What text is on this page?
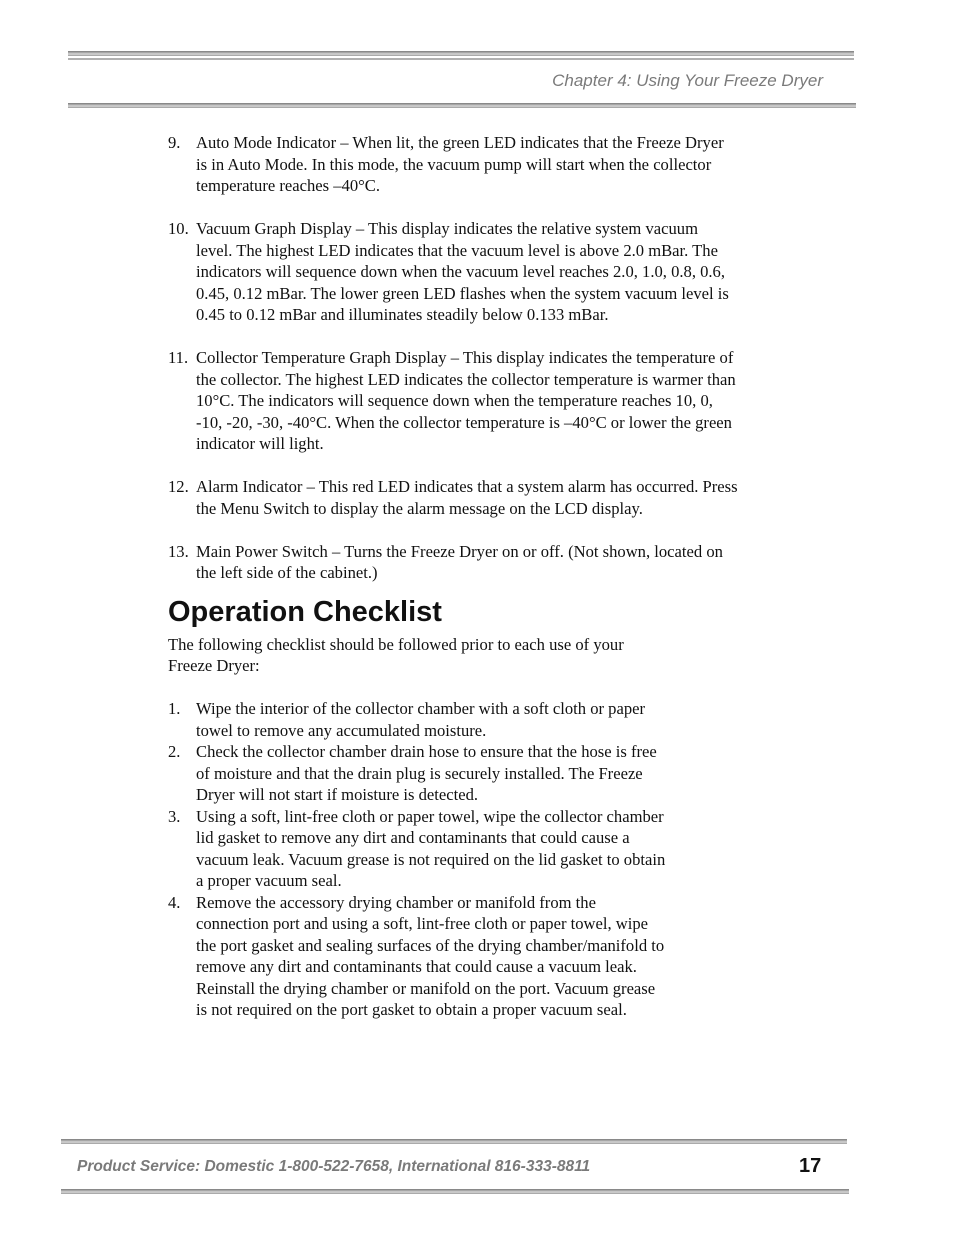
Chapter 4: Using Your Freeze Dryer
9. Auto Mode Indicator – When lit, the green LED indicates that the Freeze Dryer is in Auto Mode. In this mode, the vacuum pump will start when the collector temperature reaches –40°C.
10. Vacuum Graph Display – This display indicates the relative system vacuum level. The highest LED indicates that the vacuum level is above 2.0 mBar. The indicators will sequence down when the vacuum level reaches 2.0, 1.0, 0.8, 0.6, 0.45, 0.12 mBar. The lower green LED flashes when the system vacuum level is 0.45 to 0.12 mBar and illuminates steadily below 0.133 mBar.
11. Collector Temperature Graph Display – This display indicates the temperature of the collector. The highest LED indicates the collector temperature is warmer than 10°C. The indicators will sequence down when the temperature reaches 10, 0, -10, -20, -30, -40°C. When the collector temperature is –40°C or lower the green indicator will light.
12. Alarm Indicator – This red LED indicates that a system alarm has occurred. Press the Menu Switch to display the alarm message on the LCD display.
13. Main Power Switch – Turns the Freeze Dryer on or off. (Not shown, located on the left side of the cabinet.)
Operation Checklist
The following checklist should be followed prior to each use of your Freeze Dryer:
1. Wipe the interior of the collector chamber with a soft cloth or paper towel to remove any accumulated moisture.
2. Check the collector chamber drain hose to ensure that the hose is free of moisture and that the drain plug is securely installed. The Freeze Dryer will not start if moisture is detected.
3. Using a soft, lint-free cloth or paper towel, wipe the collector chamber lid gasket to remove any dirt and contaminants that could cause a vacuum leak. Vacuum grease is not required on the lid gasket to obtain a proper vacuum seal.
4. Remove the accessory drying chamber or manifold from the connection port and using a soft, lint-free cloth or paper towel, wipe the port gasket and sealing surfaces of the drying chamber/manifold to remove any dirt and contaminants that could cause a vacuum leak. Reinstall the drying chamber or manifold on the port. Vacuum grease is not required on the port gasket to obtain a proper vacuum seal.
Product Service: Domestic 1-800-522-7658, International 816-333-8811	17
